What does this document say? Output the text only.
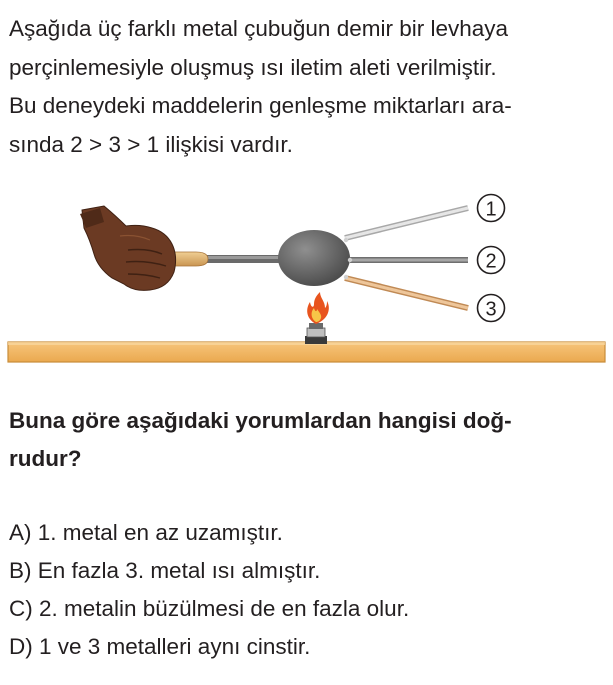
Aşağıda üç farklı metal çubuğun demir bir levhaya
perçinlemesiyle oluşmuş ısı iletim aleti verilmiştir.
Bu deneydeki maddelerin genleşme miktarları ara-
sında 2 > 3 > 1 ilişkisi vardır.
1
2
3
Buna göre aşağıdaki yorumlardan hangisi doğ-
rudur?
A) 1. metal en az uzamıştır.
B) En fazla 3. metal ısı almıştır.
C) 2. metalin büzülmesi de en fazla olur.
D) 1 ve 3 metalleri aynı cinstir.
